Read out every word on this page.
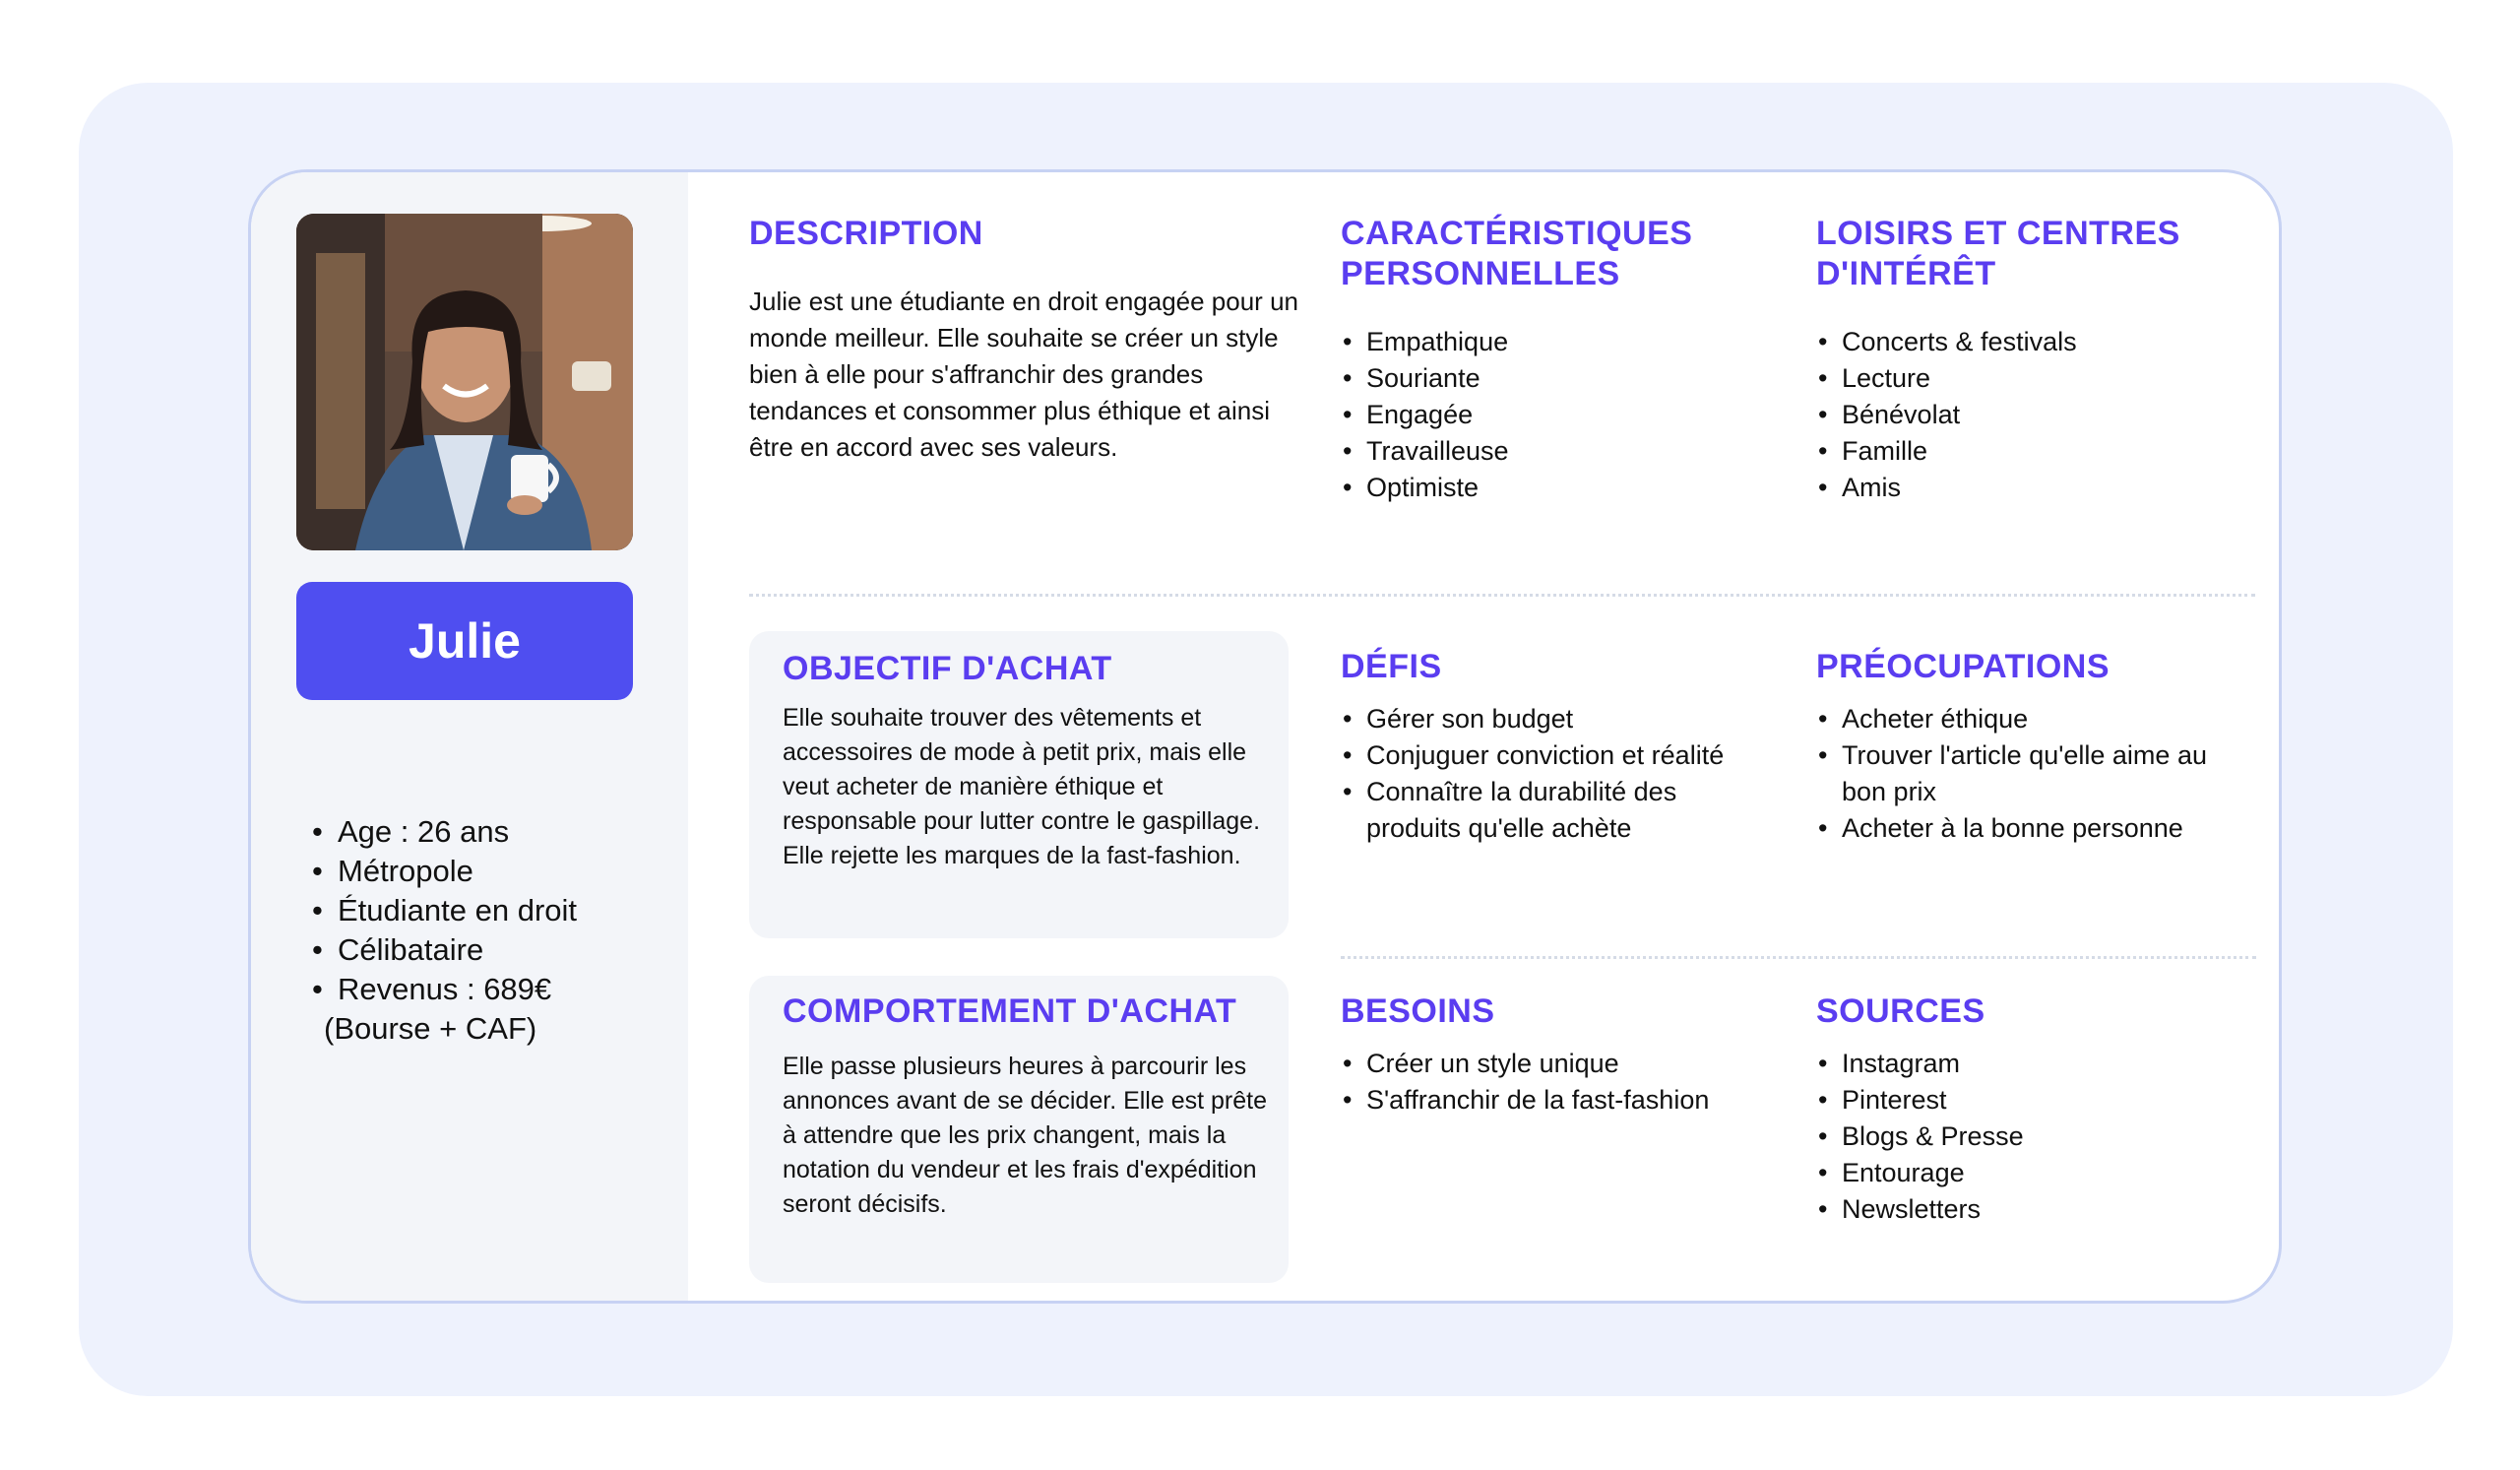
Julie
• Age : 26 ans
• Métropole
• Étudiante en droit
• Célibataire
• Revenus : 689€
(Bourse + CAF)
DESCRIPTION

Julie est une étudiante en droit engagée pour un monde meilleur. Elle souhaite se créer un style bien à elle pour s'affranchir des grandes tendances et consommer plus éthique et ainsi être en accord avec ses valeurs.

CARACTÉRISTIQUES
PERSONNELLES
• Empathique
• Souriante
• Engagée
• Travailleuse
• Optimiste
LOISIRS ET CENTRES
D'INTÉRÊT
• Concerts & festivals
• Lecture
• Bénévolat
• Famille
• Amis
OBJECTIF D'ACHAT

Elle souhaite trouver des vêtements et accessoires de mode à petit prix, mais elle veut acheter de manière éthique et responsable pour lutter contre le gaspillage. Elle rejette les marques de la fast-fashion.

DÉFIS
• Gérer son budget
• Conjuguer conviction et réalité
• Connaître la durabilité des produits qu'elle achète
PRÉOCUPATIONS
• Acheter éthique
• Trouver l'article qu'elle aime au bon prix
• Acheter à la bonne personne
COMPORTEMENT D'ACHAT

Elle passe plusieurs heures à parcourir les annonces avant de se décider. Elle est prête à attendre que les prix changent, mais la notation du vendeur et les frais d'expédition seront décisifs.

BESOINS
• Créer un style unique
• S'affranchir de la fast-fashion
SOURCES
• Instagram
• Pinterest
• Blogs & Presse
• Entourage
• Newsletters
